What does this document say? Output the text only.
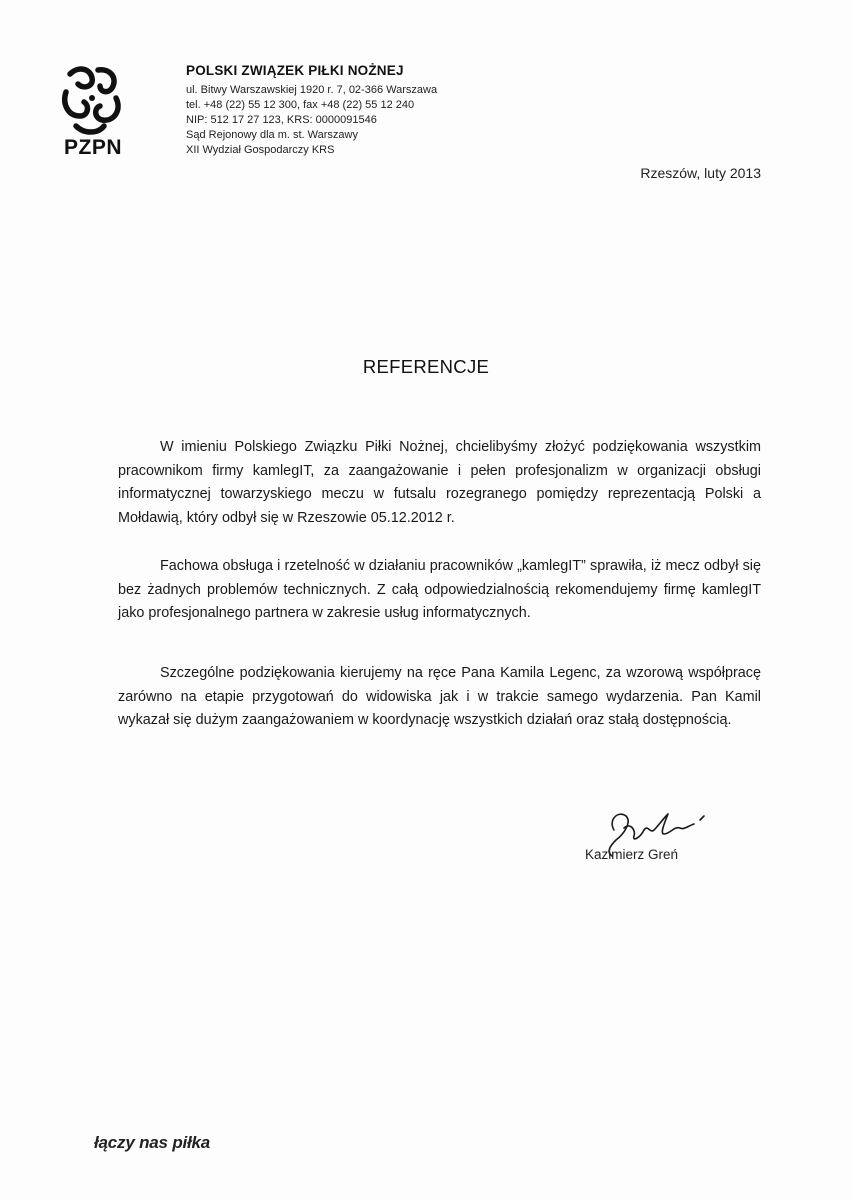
PZPN
POLSKI ZWIĄZEK PIŁKI NOŻNEJ
ul. Bitwy Warszawskiej 1920 r. 7, 02-366 Warszawa
tel. +48 (22) 55 12 300, fax +48 (22) 55 12 240
NIP: 512 17 27 123, KRS: 0000091546
Sąd Rejonowy dla m. st. Warszawy
XII Wydział Gospodarczy KRS
Rzeszów, luty 2013
REFERENCJE
W imieniu Polskiego Związku Piłki Nożnej, chcielibyśmy złożyć podziękowania wszystkim pracownikom firmy kamlegIT, za zaangażowanie i pełen profesjonalizm w organizacji obsługi informatycznej towarzyskiego meczu w futsalu rozegranego pomiędzy reprezentacją Polski a Mołdawią, który odbył się w Rzeszowie 05.12.2012 r.
Fachowa obsługa i rzetelność w działaniu pracowników „kamlegIT” sprawiła, iż mecz odbył się bez żadnych problemów technicznych. Z całą odpowiedzialnością rekomendujemy firmę kamlegIT jako profesjonalnego partnera w zakresie usług informatycznych.
Szczególne podziękowania kierujemy na ręce Pana Kamila Legenc, za wzorową współpracę zarówno na etapie przygotowań do widowiska jak i w trakcie samego wydarzenia. Pan Kamil wykazał się dużym zaangażowaniem w koordynację wszystkich działań oraz stałą dostępnością.
Kazimierz Greń
łączy nas piłka
